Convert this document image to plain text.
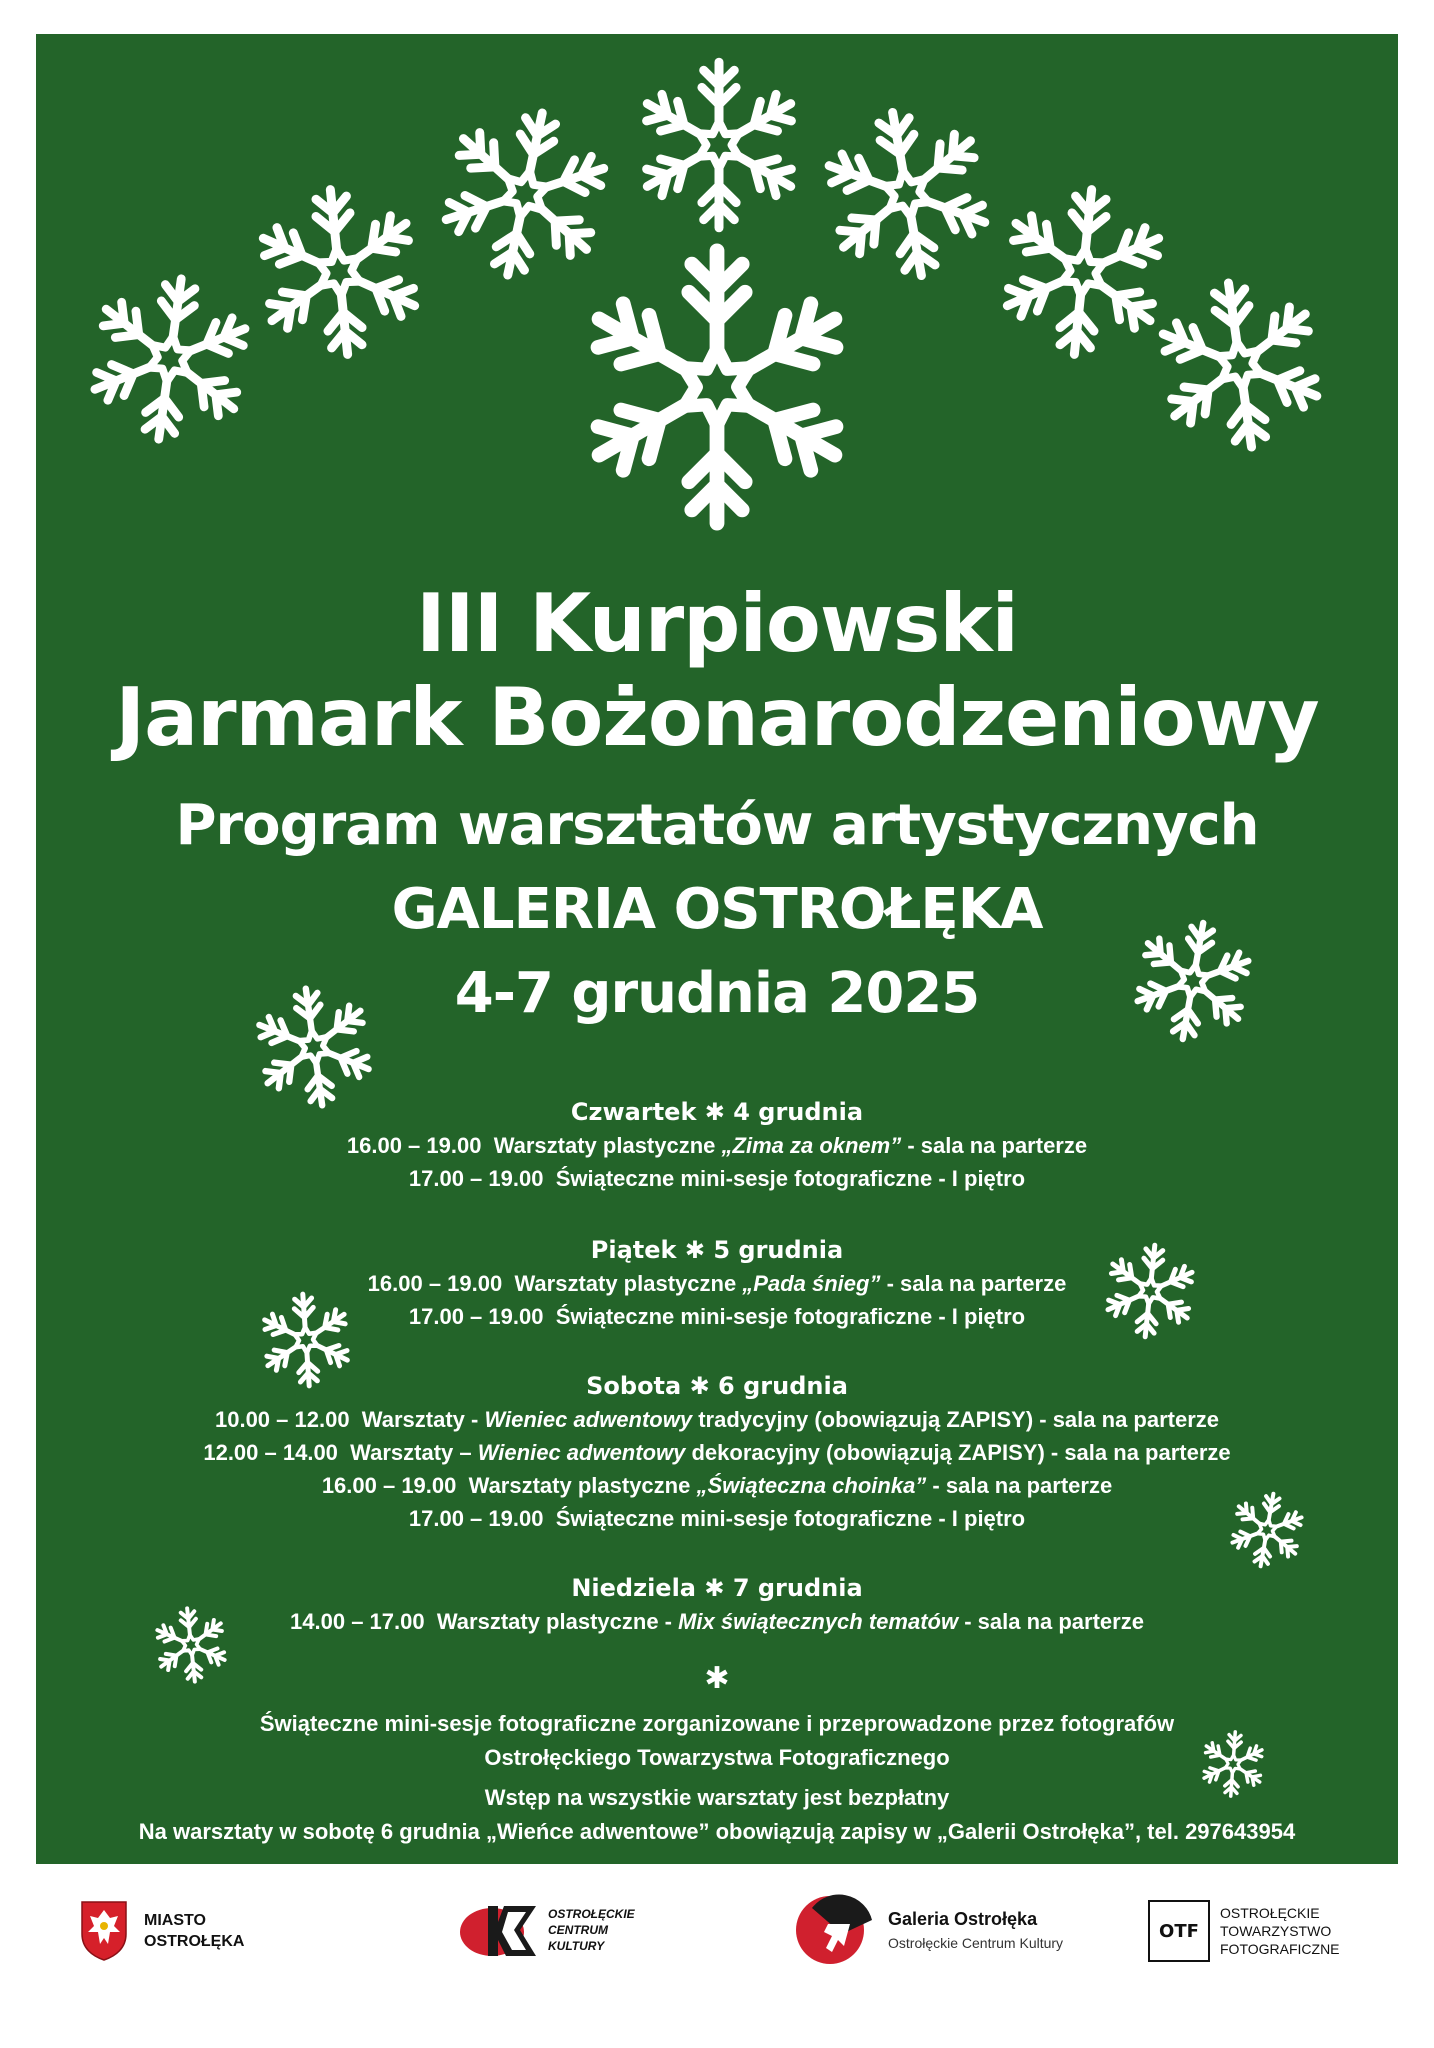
III Kurpiowski
Jarmark Bożonarodzeniowy
Program warsztatów artystycznych
GALERIA OSTROŁĘKA
4-7 grudnia 2025
Czwartek ✱ 4 grudnia
16.00 – 19.00 Warsztaty plastyczne „Zima za oknem” - sala na parterze
17.00 – 19.00 Świąteczne mini-sesje fotograficzne - I piętro
Piątek ✱ 5 grudnia
16.00 – 19.00 Warsztaty plastyczne „Pada śnieg” - sala na parterze
17.00 – 19.00 Świąteczne mini-sesje fotograficzne - I piętro
Sobota ✱ 6 grudnia
10.00 – 12.00 Warsztaty - Wieniec adwentowy tradycyjny (obowiązują ZAPISY) - sala na parterze
12.00 – 14.00 Warsztaty – Wieniec adwentowy dekoracyjny (obowiązują ZAPISY) - sala na parterze
16.00 – 19.00 Warsztaty plastyczne „Świąteczna choinka” - sala na parterze
17.00 – 19.00 Świąteczne mini-sesje fotograficzne - I piętro
Niedziela ✱ 7 grudnia
14.00 – 17.00 Warsztaty plastyczne - Mix świątecznych tematów - sala na parterze
✱
Świąteczne mini-sesje fotograficzne zorganizowane i przeprowadzone przez fotografów
Ostrołęckiego Towarzystwa Fotograficznego
Wstęp na wszystkie warsztaty jest bezpłatny
Na warsztaty w sobotę 6 grudnia „Wieńce adwentowe” obowiązują zapisy w „Galerii Ostrołęka”, tel. 297643954
MIASTO
OSTROŁĘKA
OSTROŁĘCKIE
CENTRUM
KULTURY
Galeria Ostrołęka
Ostrołęckie Centrum Kultury
OTF
OSTROŁĘCKIE
TOWARZYSTWO
FOTOGRAFICZNE
